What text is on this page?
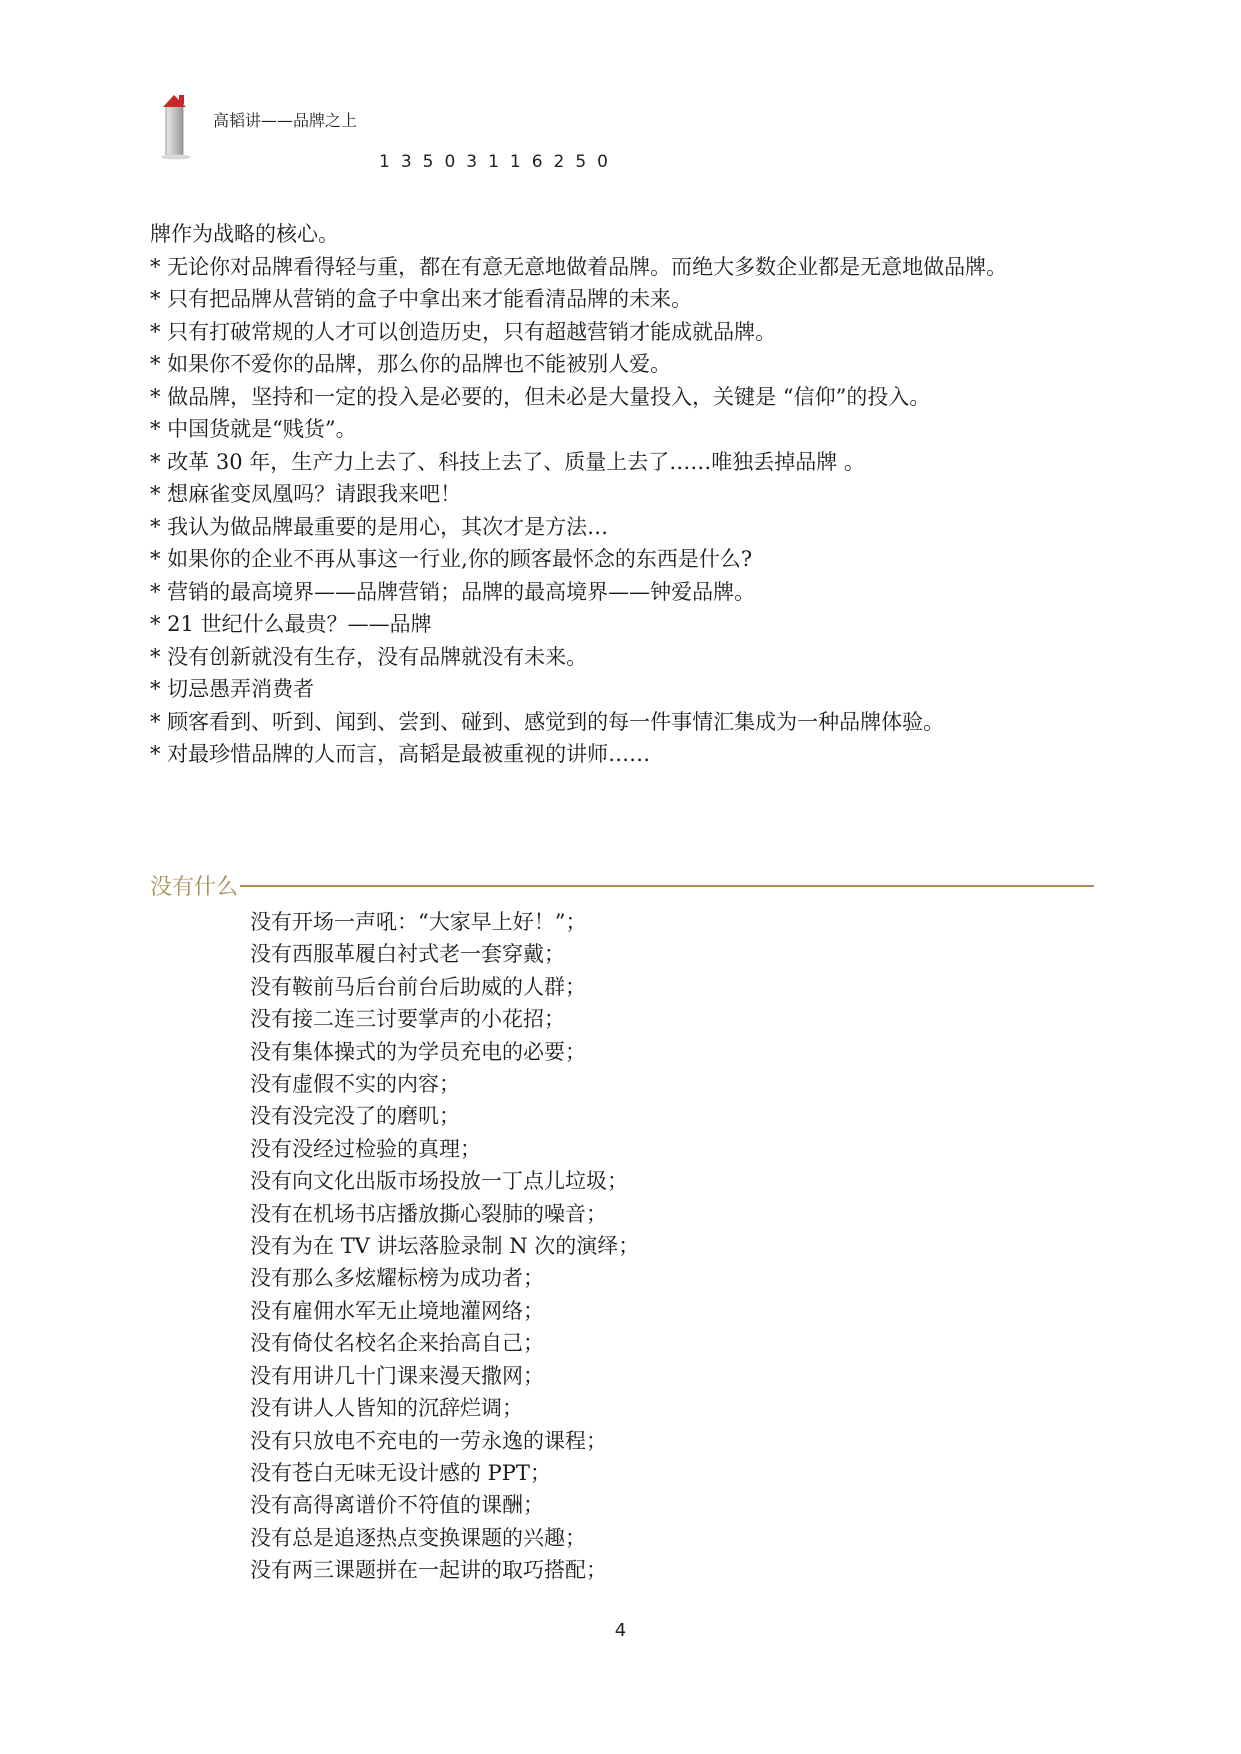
高韬讲——品牌之上
13503116250
牌作为战略的核心。
* 无论你对品牌看得轻与重，都在有意无意地做着品牌。而绝大多数企业都是无意地做品牌。
* 只有把品牌从营销的盒子中拿出来才能看清品牌的未来。
* 只有打破常规的人才可以创造历史，只有超越营销才能成就品牌。
* 如果你不爱你的品牌，那么你的品牌也不能被别人爱。
* 做品牌，坚持和一定的投入是必要的，但未必是大量投入，关键是 “信仰”的投入。
* 中国货就是“贱货”。
* 改革 30 年，生产力上去了、科技上去了、质量上去了……唯独丢掉品牌 。
* 想麻雀变凤凰吗？请跟我来吧！
* 我认为做品牌最重要的是用心，其次才是方法…
* 如果你的企业不再从事这一行业,你的顾客最怀念的东西是什么?
* 营销的最高境界——品牌营销；品牌的最高境界——钟爱品牌。
* 21 世纪什么最贵？——品牌
* 没有创新就没有生存，没有品牌就没有未来。
* 切忌愚弄消费者
* 顾客看到、听到、闻到、尝到、碰到、感觉到的每一件事情汇集成为一种品牌体验。
* 对最珍惜品牌的人而言，高韬是最被重视的讲师……
没有什么
没有开场一声吼：“大家早上好！”；
没有西服革履白衬式老一套穿戴；
没有鞍前马后台前台后助威的人群；
没有接二连三讨要掌声的小花招；
没有集体操式的为学员充电的必要；
没有虚假不实的内容；
没有没完没了的磨叽；
没有没经过检验的真理；
没有向文化出版市场投放一丁点儿垃圾；
没有在机场书店播放撕心裂肺的噪音；
没有为在 TV 讲坛落脸录制 N 次的演绎；
没有那么多炫耀标榜为成功者；
没有雇佣水军无止境地灌网络；
没有倚仗名校名企来抬高自己；
没有用讲几十门课来漫天撒网；
没有讲人人皆知的沉辞烂调；
没有只放电不充电的一劳永逸的课程；
没有苍白无味无设计感的 PPT；
没有高得离谱价不符值的课酬；
没有总是追逐热点变换课题的兴趣；
没有两三课题拼在一起讲的取巧搭配；
4
